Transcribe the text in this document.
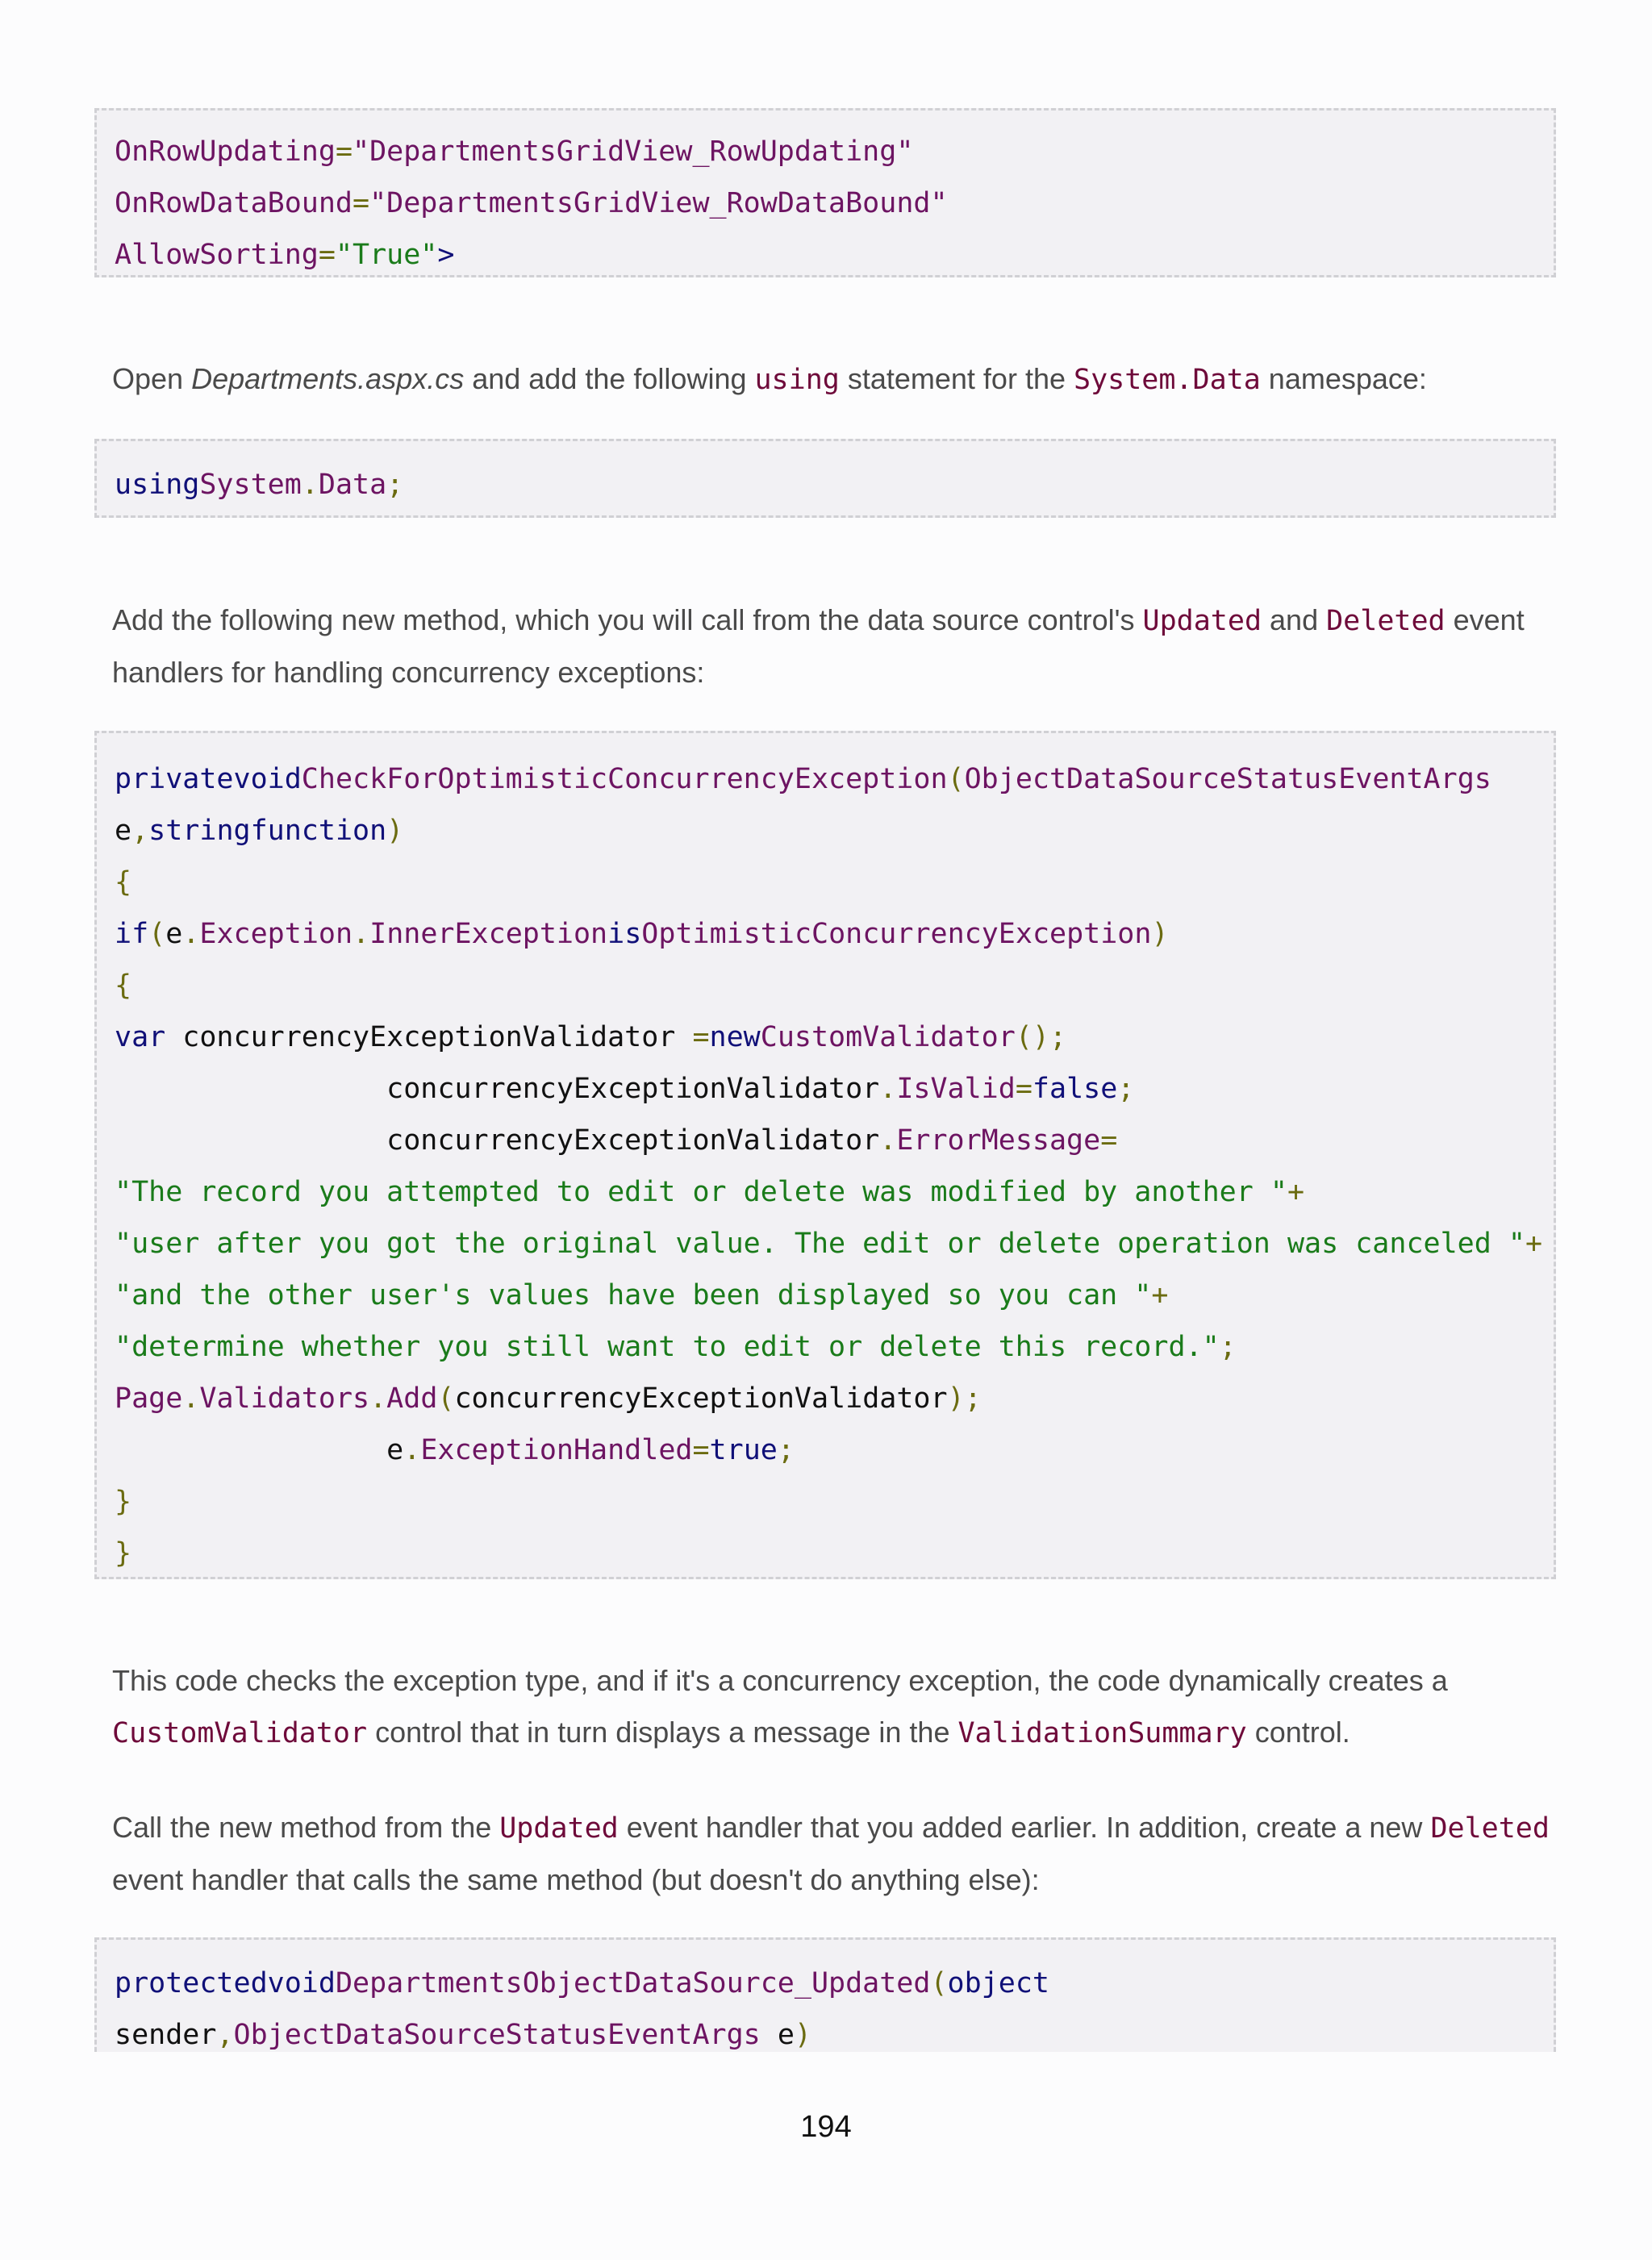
OnRowUpdating="DepartmentsGridView_RowUpdating"
OnRowDataBound="DepartmentsGridView_RowDataBound"
AllowSorting="True">

Open Departments.aspx.cs and add the following using statement for the System.Data namespace:

usingSystem.Data;

Add the following new method, which you will call from the data source control's Updated and Deleted event handlers for handling concurrency exceptions:

privatevoidCheckForOptimisticConcurrencyException(ObjectDataSourceStatusEventArgs
e,stringfunction)
{
if(e.Exception.InnerExceptionisOptimisticConcurrencyException)
{
var concurrencyExceptionValidator =newCustomValidator();
concurrencyExceptionValidator.IsValid=false;
concurrencyExceptionValidator.ErrorMessage=
"The record you attempted to edit or delete was modified by another "+
"user after you got the original value. The edit or delete operation was canceled "+
"and the other user's values have been displayed so you can "+
"determine whether you still want to edit or delete this record.";
Page.Validators.Add(concurrencyExceptionValidator);
e.ExceptionHandled=true;
}
}

This code checks the exception type, and if it's a concurrency exception, the code dynamically creates a CustomValidator control that in turn displays a message in the ValidationSummary control.

Call the new method from the Updated event handler that you added earlier. In addition, create a new Deleted event handler that calls the same method (but doesn't do anything else):

protectedvoidDepartmentsObjectDataSource_Updated(object
sender,ObjectDataSourceStatusEventArgs e)
194
